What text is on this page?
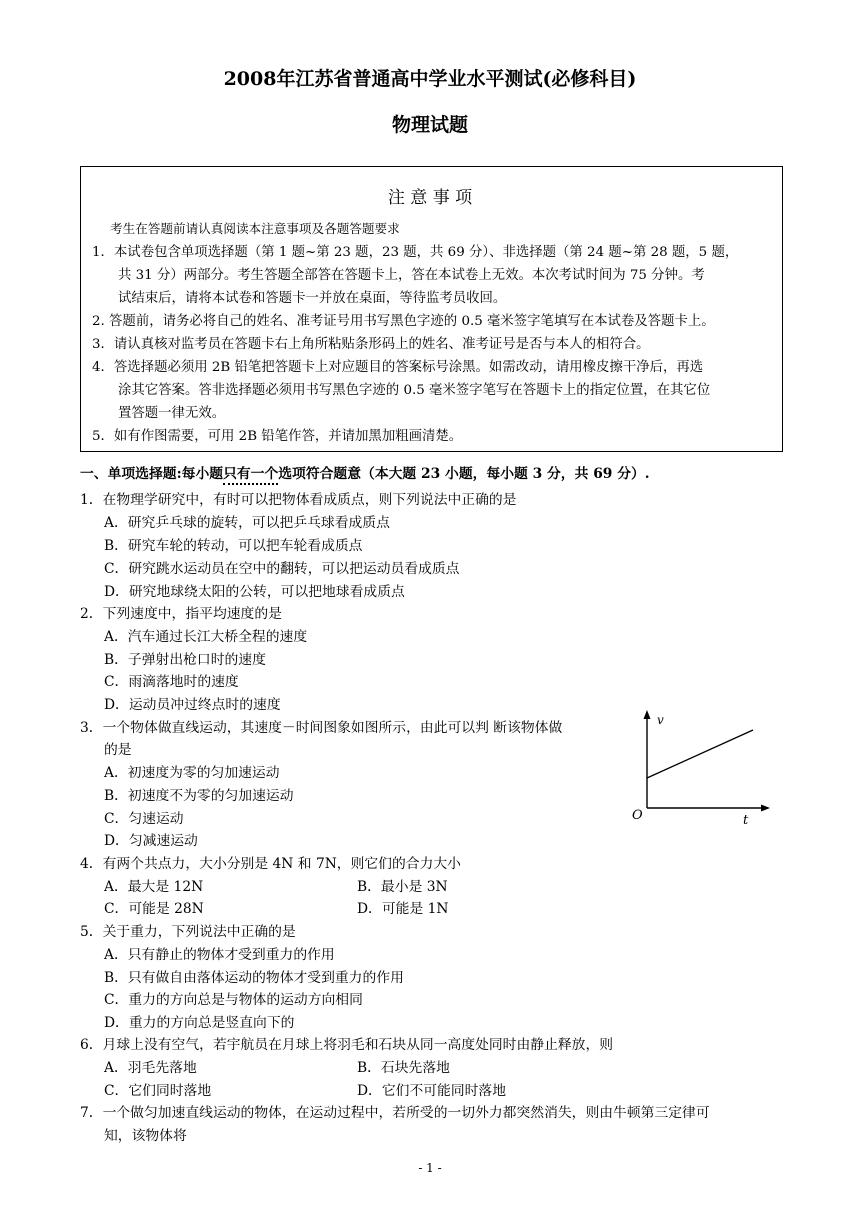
2008年江苏省普通高中学业水平测试(必修科目)
物理试题
注 意 事 项
考生在答题前请认真阅读本注意事项及各题答题要求
1．本试卷包含单项选择题（第 1 题~第 23 题，23 题，共 69 分）、非选择题（第 24 题~第 28 题，5 题，
共 31 分）两部分。考生答题全部答在答题卡上，答在本试卷上无效。本次考试时间为 75 分钟。考
试结束后，请将本试卷和答题卡一并放在桌面，等待监考员收回。
2. 答题前，请务必将自己的姓名、准考证号用书写黑色字迹的 0.5 毫米签字笔填写在本试卷及答题卡上。
3．请认真核对监考员在答题卡右上角所粘贴条形码上的姓名、准考证号是否与本人的相符合。
4．答选择题必须用 2B 铅笔把答题卡上对应题目的答案标号涂黑。如需改动，请用橡皮擦干净后，再选
涂其它答案。答非选择题必须用书写黑色字迹的 0.5 毫米签字笔写在答题卡上的指定位置，在其它位
置答题一律无效。
5．如有作图需要，可用 2B 铅笔作答，并请加黑加粗画清楚。
一、单项选择题:每小题只有一个选项符合题意（本大题 23 小题，每小题 3 分，共 69 分）.
1．在物理学研究中，有时可以把物体看成质点，则下列说法中正确的是
A．研究乒乓球的旋转，可以把乒乓球看成质点
B．研究车轮的转动，可以把车轮看成质点
C．研究跳水运动员在空中的翻转，可以把运动员看成质点
D．研究地球绕太阳的公转，可以把地球看成质点
2．下列速度中，指平均速度的是
A．汽车通过长江大桥全程的速度
B．子弹射出枪口时的速度
C．雨滴落地时的速度
D．运动员冲过终点时的速度
3．一个物体做直线运动，其速度－时间图象如图所示，由此可以判 断该物体做
的是
A．初速度为零的匀加速运动
B．初速度不为零的匀加速运动
C．匀速运动
D．匀减速运动
v
O	t
4．有两个共点力，大小分别是 4N 和 7N，则它们的合力大小
A．最大是 12N	B．最小是 3N
C．可能是 28N	D．可能是 1N
5．关于重力，下列说法中正确的是
A．只有静止的物体才受到重力的作用
B．只有做自由落体运动的物体才受到重力的作用
C．重力的方向总是与物体的运动方向相同
D．重力的方向总是竖直向下的
6．月球上没有空气，若宇航员在月球上将羽毛和石块从同一高度处同时由静止释放，则
A．羽毛先落地	B．石块先落地
C．它们同时落地	D．它们不可能同时落地
7．一个做匀加速直线运动的物体，在运动过程中，若所受的一切外力都突然消失，则由牛顿第三定律可
知，该物体将
- 1 -
